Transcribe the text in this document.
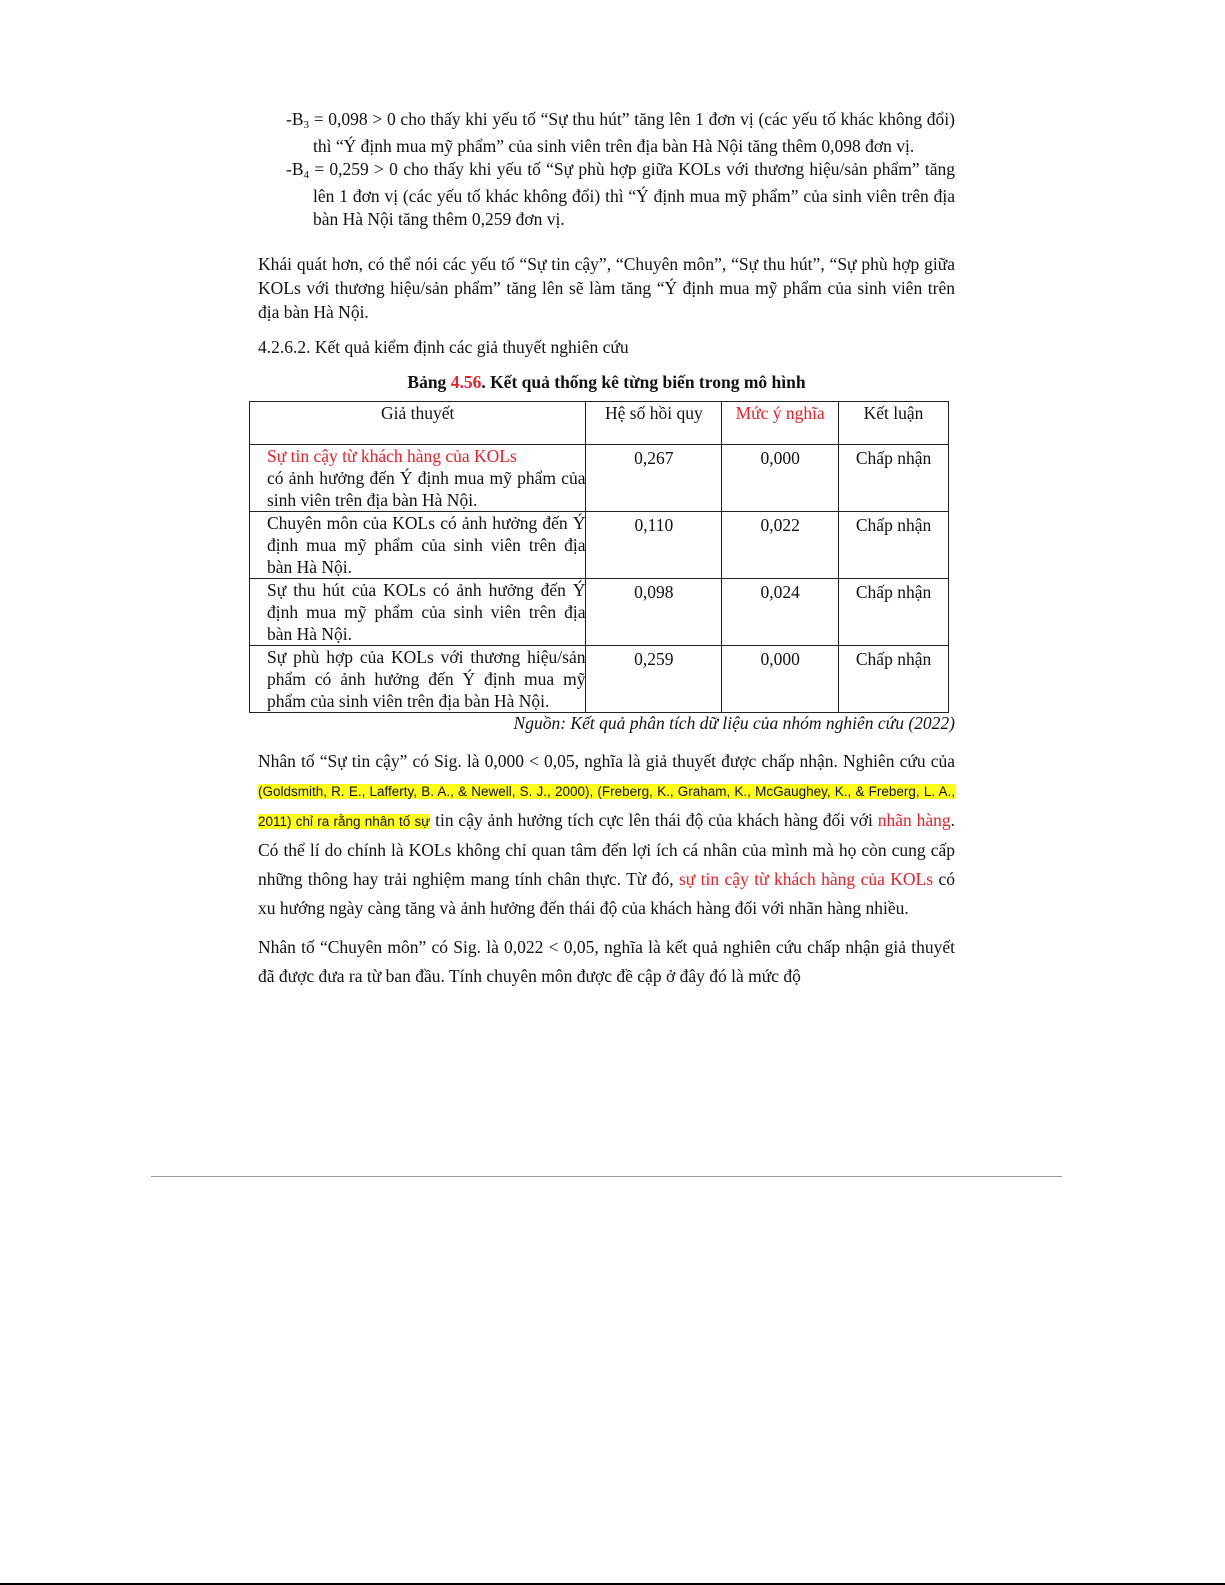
$-B_3 = 0,098 > 0$ cho thấy khi yếu tố “Sự thu hút” tăng lên 1 đơn vị (các yếu tố khác không đổi) thì “Ý định mua mỹ phẩm” của sinh viên trên địa bàn Hà Nội tăng thêm 0,098 đơn vị.

$-B_4 = 0,259 > 0$ cho thấy khi yếu tố “Sự phù hợp giữa KOLs với thương hiệu/sản phẩm” tăng lên 1 đơn vị (các yếu tố khác không đổi) thì “Ý định mua mỹ phẩm” của sinh viên trên địa bàn Hà Nội tăng thêm 0,259 đơn vị.

Khái quát hơn, có thể nói các yếu tố “Sự tin cậy”, “Chuyên môn”, “Sự thu hút”, “Sự phù hợp giữa KOLs với thương hiệu/sản phẩm” tăng lên sẽ làm tăng “Ý định mua mỹ phẩm của sinh viên trên địa bàn Hà Nội.

4.2.6.2. Kết quả kiểm định các giả thuyết nghiên cứu

Bảng 4.56. Kết quả thống kê từng biến trong mô hình

Giả thuyết	Hệ số hồi quy	Mức ý nghĩa	Kết luận

Sự tin cậy từ khách hàng của KOLs
có ảnh hưởng đến Ý định mua mỹ phẩm của sinh viên trên địa bàn Hà Nội.	0,267	0,000	Chấp nhận
Chuyên môn của KOLs có ảnh hưởng đến Ý định mua mỹ phẩm của sinh viên trên địa bàn Hà Nội.	0,110	0,022	Chấp nhận
Sự thu hút của KOLs có ảnh hưởng đến Ý định mua mỹ phẩm của sinh viên trên địa bàn Hà Nội.	0,098	0,024	Chấp nhận
Sự phù hợp của KOLs với thương hiệu/sản phẩm có ảnh hưởng đến Ý định mua mỹ phẩm của sinh viên trên địa bàn Hà Nội.	0,259	0,000	Chấp nhận

Nguồn: Kết quả phân tích dữ liệu của nhóm nghiên cứu (2022)

Nhân tố “Sự tin cậy” có Sig. là 0,000 < 0,05, nghĩa là giả thuyết được chấp nhận. Nghiên cứu của (Goldsmith, R. E., Lafferty, B. A., & Newell, S. J., 2000), (Freberg, K., Graham, K., McGaughey, K., & Freberg, L. A., 2011) chỉ ra rằng nhân tố sự tin cậy ảnh hưởng tích cực lên thái độ của khách hàng đối với nhãn hàng. Có thể lí do chính là KOLs không chỉ quan tâm đến lợi ích cá nhân của mình mà họ còn cung cấp những thông hay trải nghiệm mang tính chân thực. Từ đó, sự tin cậy từ khách hàng của KOLs có xu hướng ngày càng tăng và ảnh hưởng đến thái độ của khách hàng đối với nhãn hàng nhiều.

Nhân tố “Chuyên môn” có Sig. là 0,022 < 0,05, nghĩa là kết quả nghiên cứu chấp nhận giả thuyết đã được đưa ra từ ban đầu. Tính chuyên môn được đề cập ở đây đó là mức độ
